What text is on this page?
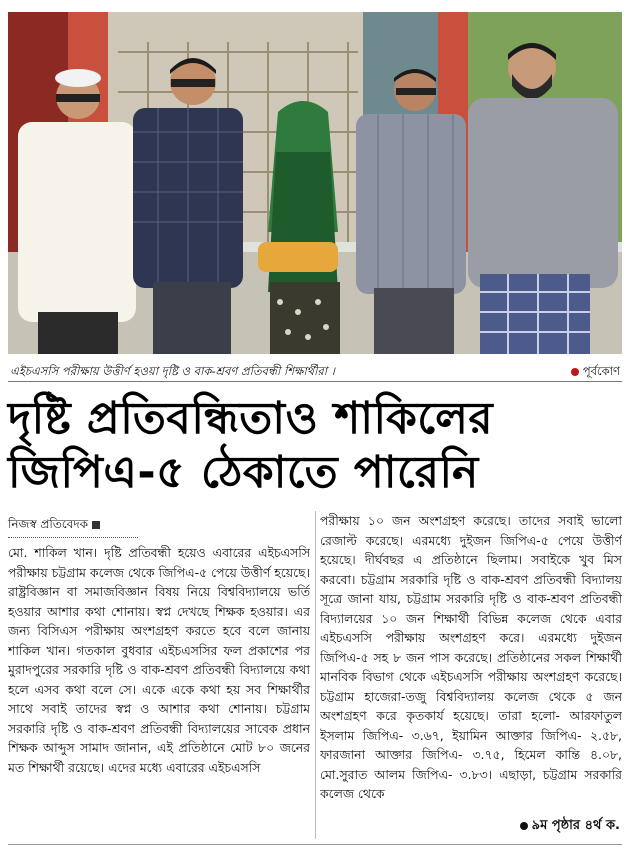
এইচএসসি পরীক্ষায় উত্তীর্ণ হওয়া দৃষ্টি ও বাক-শ্রবণ প্রতিবন্ধী শিক্ষার্থীরা ।	পূর্বকোণ
দৃষ্টি প্রতিবন্ধিতাও শাকিলের
জিপিএ-৫ ঠেকাতে পারেনি
নিজস্ব প্রতিবেদক
মো. শাকিল খান। দৃষ্টি প্রতিবন্ধী হয়েও এবারের এইচএসসি পরীক্ষায় চট্টগ্রাম কলেজ থেকে জিপিএ-৫ পেয়ে উত্তীর্ণ হয়েছে। রাষ্ট্রবিজ্ঞান বা সমাজবিজ্ঞান বিষয় নিয়ে বিশ্ববিদ্যালয়ে ভর্তি হওয়ার আশার কথা শোনায়। স্বপ্ন দেখছে শিক্ষক হওয়ার। এর জন্য বিসিএস পরীক্ষায় অংশগ্রহণ করতে হবে বলে জানায় শাকিল খান। গতকাল বুধবার এইচএসসির ফল প্রকাশের পর মুরাদপুরের সরকারি দৃষ্টি ও বাক-শ্রবণ প্রতিবন্ধী বিদ্যালয়ে কথা হলে এসব কথা বলে সে। একে একে কথা হয় সব শিক্ষার্থীর সাথে সবাই তাদের স্বপ্ন ও আশার কথা শোনায়। চট্টগ্রাম সরকারি দৃষ্টি ও বাক-শ্রবণ প্রতিবন্ধী বিদ্যালয়ের সাবেক প্রধান শিক্ষক আব্দুস সামাদ জানান, এই প্রতিষ্ঠানে মোট ৮০ জনের মত শিক্ষার্থী রয়েছে। এদের মধ্যে এবারের এইচএসসি
পরীক্ষায় ১০ জন অংশগ্রহণ করেছে। তাদের সবাই ভালো রেজাল্ট করেছে। এরমধ্যে দুইজন জিপিএ-৫ পেয়ে উত্তীর্ণ হয়েছে। দীর্ঘবছর এ প্রতিষ্ঠানে ছিলাম। সবাইকে খুব মিস করবো। চট্টগ্রাম সরকারি দৃষ্টি ও বাক-শ্রবণ প্রতিবন্ধী বিদ্যালয় সূত্রে জানা যায়, চট্টগ্রাম সরকারি দৃষ্টি ও বাক-শ্রবণ প্রতিবন্ধী বিদ্যালয়ের ১০ জন শিক্ষার্থী বিভিন্ন কলেজ থেকে এবার এইচএসসি পরীক্ষায় অংশগ্রহণ করে। এরমধ্যে দুইজন জিপিএ-৫ সহ ৮ জন পাস করেছে। প্রতিষ্ঠানের সকল শিক্ষার্থী মানবিক বিভাগ থেকে এইচএসসি পরীক্ষায় অংশগ্রহণ করেছে। চট্টগ্রাম হাজেরা-তজু বিশ্ববিদ্যালয় কলেজ থেকে ৫ জন অংশগ্রহণ করে কৃতকার্য হয়েছে। তারা হলো- আরফাতুল ইসলাম জিপিএ- ৩.৬৭, ইয়ামিন আক্তার জিপিএ- ২.৫৮, ফারজানা আক্তার জিপিএ- ৩.৭৫, হিমেল কান্তি ৪.০৮, মো.সুরাত আলম জিপিএ- ৩.৮৩। এছাড়া, চট্টগ্রাম সরকারি কলেজ থেকে
৯ম পৃষ্ঠার ৪র্থ ক.
